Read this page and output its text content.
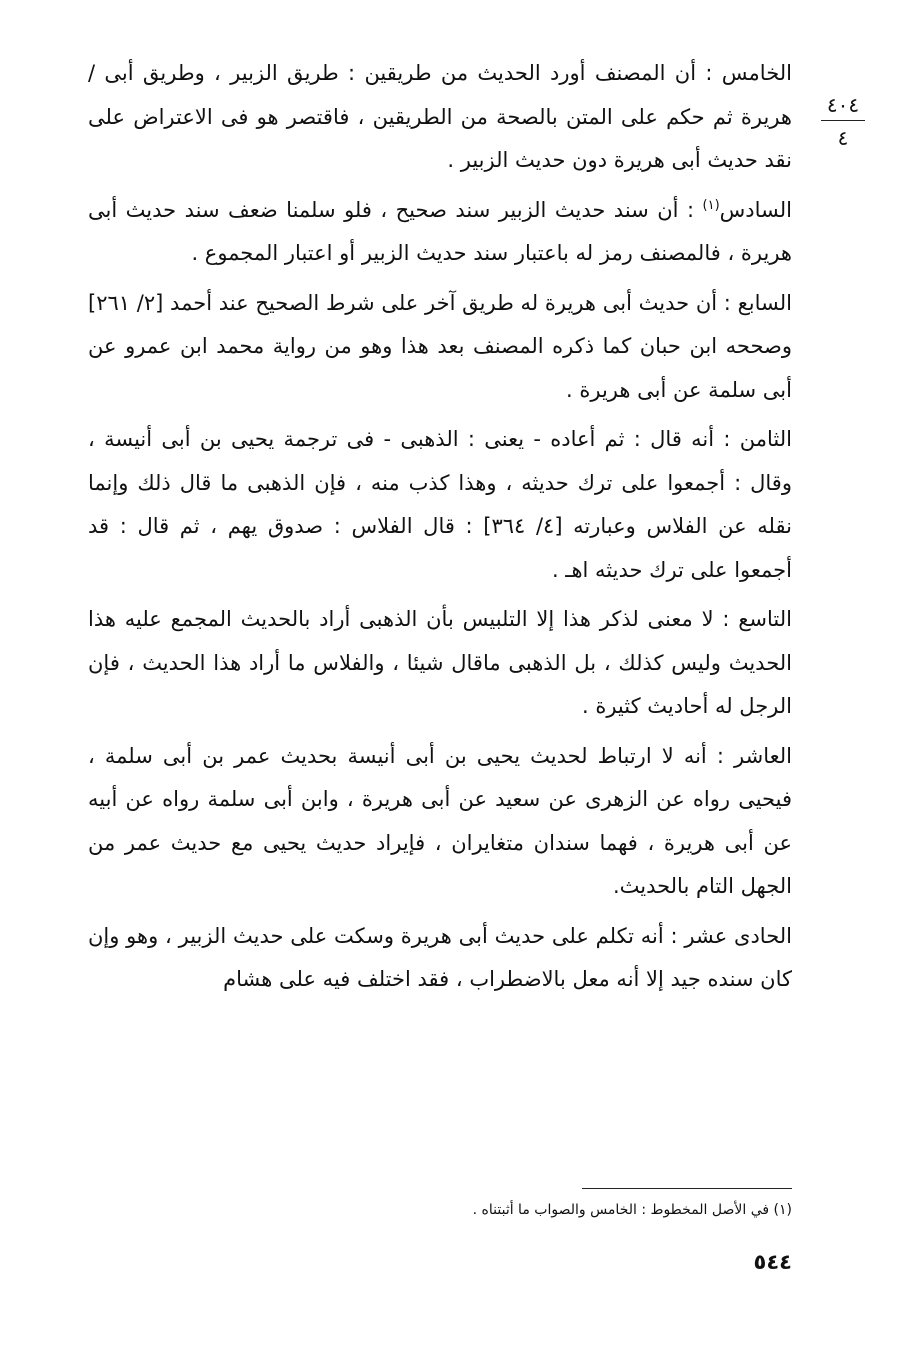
٤٠٤
٤

الخامس : أن المصنف أورد الحديث من طريقين : طريق الزبير ، وطريق أبى / هريرة ثم حكم على المتن بالصحة من الطريقين ، فاقتصر هو فى الاعتراض على نقد حديث أبى هريرة دون حديث الزبير .

السادس$^{(١)}$ : أن سند حديث الزبير سند صحيح ، فلو سلمنا ضعف سند حديث أبى هريرة ، فالمصنف رمز له باعتبار سند حديث الزبير أو اعتبار المجموع .

السابع : أن حديث أبى هريرة له طريق آخر على شرط الصحيح عند أحمد [٢/ ٢٦١] وصححه ابن حبان كما ذكره المصنف بعد هذا وهو من رواية محمد ابن عمرو عن أبى سلمة عن أبى هريرة .

الثامن : أنه قال : ثم أعاده - يعنى : الذهبى - فى ترجمة يحيى بن أبى أنيسة ، وقال : أجمعوا على ترك حديثه ، وهذا كذب منه ، فإن الذهبى ما قال ذلك وإنما نقله عن الفلاس وعبارته [٤/ ٣٦٤] : قال الفلاس : صدوق يهم ، ثم قال : قد أجمعوا على ترك حديثه اهـ .

التاسع : لا معنى لذكر هذا إلا التلبيس بأن الذهبى أراد بالحديث المجمع عليه هذا الحديث وليس كذلك ، بل الذهبى ماقال شيئا ، والفلاس ما أراد هذا الحديث ، فإن الرجل له أحاديث كثيرة .

العاشر : أنه لا ارتباط لحديث يحيى بن أبى أنيسة بحديث عمر بن أبى سلمة ، فيحيى رواه عن الزهرى عن سعيد عن أبى هريرة ، وابن أبى سلمة رواه عن أبيه عن أبى هريرة ، فهما سندان متغايران ، فإيراد حديث يحيى مع حديث عمر من الجهل التام بالحديث.

الحادى عشر : أنه تكلم على حديث أبى هريرة وسكت على حديث الزبير ، وهو وإن كان سنده جيد إلا أنه معل بالاضطراب ، فقد اختلف فيه على هشام

(١) في الأصل المخطوط : الخامس والصواب ما أثبتناه .
٥٤٤
